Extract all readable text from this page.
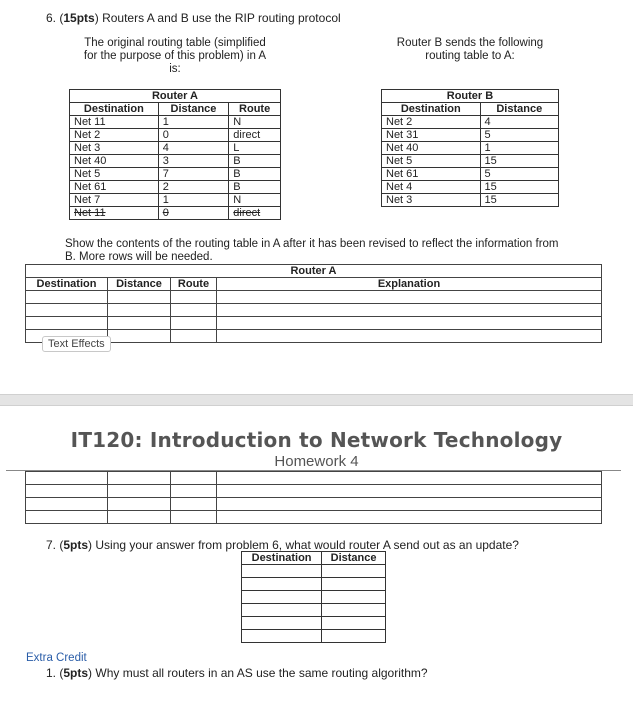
6. (15pts) Routers A and B use the RIP routing protocol
The original routing table (simplified
for the purpose of this problem) in A
is:
Router B sends the following
routing table to A:
Router A		
Destination	Distance	Route
Net 11	1	N
Net 2	0	direct
Net 3	4	L
Net 40	3	B
Net 5	7	B
Net 61	2	B
Net 7	1	N
Net 11	0	direct
Router B	
Destination	Distance
Net 2	4
Net 31	5
Net 40	1
Net 5	15
Net 61	5
Net 4	15
Net 3	15
Show the contents of the routing table in A after it has been revised to reflect the information from
B. More rows will be needed.
Router A			
Destination	Distance	Route	Explanation

Text Effects
IT120: Introduction to Network Technology
Homework 4

7. (5pts) Using your answer from problem 6, what would router A send out as an update?
Destination	Distance

Extra Credit
1. (5pts) Why must all routers in an AS use the same routing algorithm?
